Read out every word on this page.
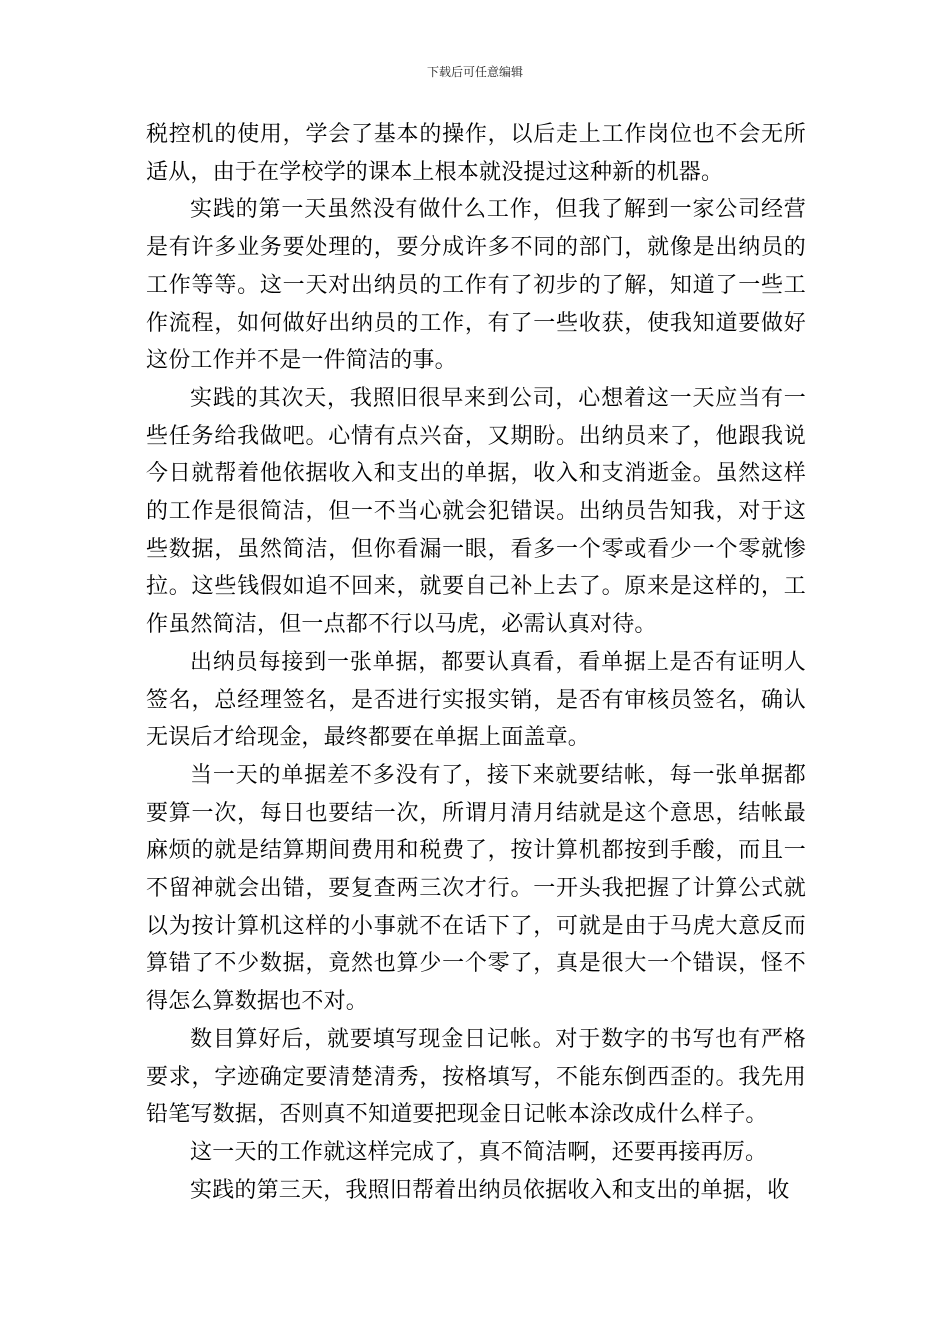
下载后可任意编辑

税控机的使用，学会了基本的操作，以后走上工作岗位也不会无所适从，由于在学校学的课本上根本就没提过这种新的机器。

实践的第一天虽然没有做什么工作，但我了解到一家公司经营是有许多业务要处理的，要分成许多不同的部门，就像是出纳员的工作等等。这一天对出纳员的工作有了初步的了解，知道了一些工作流程，如何做好出纳员的工作，有了一些收获，使我知道要做好这份工作并不是一件简洁的事。

实践的其次天，我照旧很早来到公司，心想着这一天应当有一些任务给我做吧。心情有点兴奋，又期盼。出纳员来了，他跟我说今日就帮着他依据收入和支出的单据，收入和支消逝金。虽然这样的工作是很简洁，但一不当心就会犯错误。出纳员告知我，对于这些数据，虽然简洁，但你看漏一眼，看多一个零或看少一个零就惨拉。这些钱假如追不回来，就要自己补上去了。原来是这样的，工作虽然简洁，但一点都不行以马虎，必需认真对待。

出纳员每接到一张单据，都要认真看，看单据上是否有证明人签名，总经理签名，是否进行实报实销，是否有审核员签名，确认无误后才给现金，最终都要在单据上面盖章。

当一天的单据差不多没有了，接下来就要结帐，每一张单据都要算一次，每日也要结一次，所谓月清月结就是这个意思，结帐最麻烦的就是结算期间费用和税费了，按计算机都按到手酸，而且一不留神就会出错，要复查两三次才行。一开头我把握了计算公式就以为按计算机这样的小事就不在话下了，可就是由于马虎大意反而算错了不少数据，竟然也算少一个零了，真是很大一个错误，怪不得怎么算数据也不对。

数目算好后，就要填写现金日记帐。对于数字的书写也有严格要求，字迹确定要清楚清秀，按格填写，不能东倒西歪的。我先用铅笔写数据，否则真不知道要把现金日记帐本涂改成什么样子。

这一天的工作就这样完成了，真不简洁啊，还要再接再厉。

实践的第三天，我照旧帮着出纳员依据收入和支出的单据，收
